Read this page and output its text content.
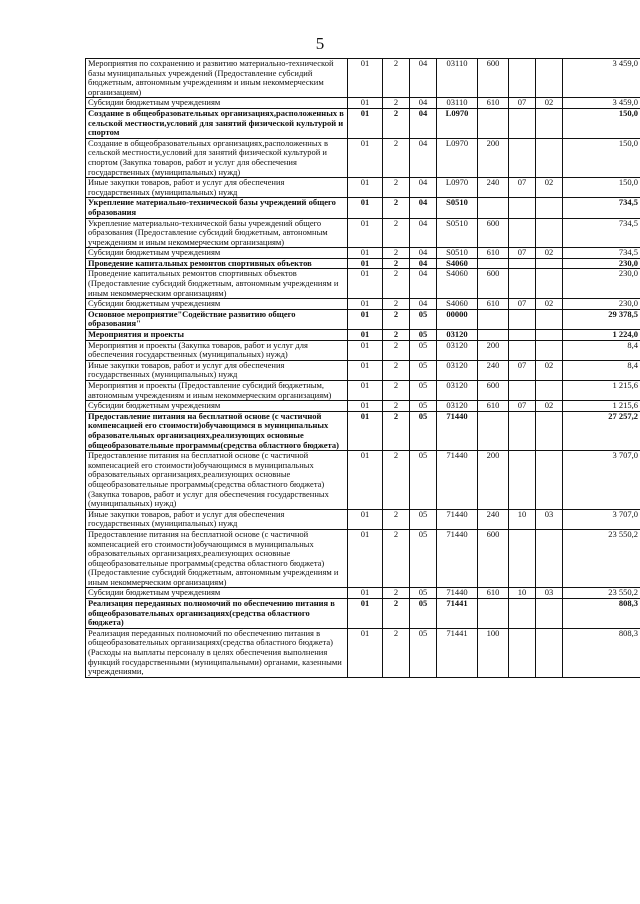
5
Мероприятия по сохранению и развитию материально-технической базы муниципальных учреждений (Предоставление субсидий бюджетным, автономным учреждениям и иным некоммерческим организациям)	01	2	04	03110	600			3 459,0
Субсидии бюджетным учреждениям	01	2	04	03110	610	07	02	3 459,0
Создание в общеобразовательных организациях,расположенных в сельской местности,условий для занятий физической культурой и спортом	01	2	04	L0970				150,0
Создание в общеобразовательных организациях,расположенных в сельской местности,условий для занятий физической культурой и спортом (Закупка товаров, работ и услуг для обеспечения государственных (муниципальных) нужд)	01	2	04	L0970	200			150,0
Иные закупки товаров, работ и услуг для обеспечения государственных (муниципальных) нужд	01	2	04	L0970	240	07	02	150,0
Укрепление материально-технической базы учреждений общего образования	01	2	04	S0510				734,5
Укрепление материально-технической базы учреждений общего образования (Предоставление субсидий бюджетным, автономным учреждениям и иным некоммерческим организациям)	01	2	04	S0510	600			734,5
Субсидии бюджетным учреждениям	01	2	04	S0510	610	07	02	734,5
Проведение капитальных ремонтов спортивных объектов	01	2	04	S4060				230,0
Проведение капитальных ремонтов спортивных объектов (Предоставление субсидий бюджетным, автономным учреждениям и иным некоммерческим организациям)	01	2	04	S4060	600			230,0
Субсидии бюджетным учреждениям	01	2	04	S4060	610	07	02	230,0
Основное мероприятие"Содействие развитию общего образования"	01	2	05	00000				29 378,5
Мероприятия и проекты	01	2	05	03120				1 224,0
Мероприятия и проекты (Закупка товаров, работ и услуг для обеспечения государственных (муниципальных) нужд)	01	2	05	03120	200			8,4
Иные закупки товаров, работ и услуг для обеспечения государственных (муниципальных) нужд	01	2	05	03120	240	07	02	8,4
Мероприятия и проекты (Предоставление субсидий бюджетным, автономным учреждениям и иным некоммерческим организациям)	01	2	05	03120	600			1 215,6
Субсидии бюджетным учреждениям	01	2	05	03120	610	07	02	1 215,6
Предоставление питания на бесплатной основе (с частичной компенсацией его стоимости)обучающимся в муниципальных образовательных организациях,реализующих основные общеобразовательные программы(средства областного бюджета)	01	2	05	71440				27 257,2
Предоставление питания на бесплатной основе (с частичной компенсацией его стоимости)обучающимся в муниципальных образовательных организациях,реализующих основные общеобразовательные программы(средства областного бюджета) (Закупка товаров, работ и услуг для обеспечения государственных (муниципальных) нужд)	01	2	05	71440	200			3 707,0
Иные закупки товаров, работ и услуг для обеспечения государственных (муниципальных) нужд	01	2	05	71440	240	10	03	3 707,0
Предоставление питания на бесплатной основе (с частичной компенсацией его стоимости)обучающимся в муниципальных образовательных организациях,реализующих основные общеобразовательные программы(средства областного бюджета) (Предоставление субсидий бюджетным, автономным учреждениям и иным некоммерческим организациям)	01	2	05	71440	600			23 550,2
Субсидии бюджетным учреждениям	01	2	05	71440	610	10	03	23 550,2
Реализация переданных полномочий по обеспечению питания в общеобразовательных организациях(средства областного бюджета)	01	2	05	71441				808,3
Реализация переданных полномочий по обеспечению питания в общеобразовательных организациях(средства областного бюджета) (Расходы на выплаты персоналу в целях обеспечения выполнения функций государственными (муниципальными) органами, казенными учреждениями,	01	2	05	71441	100			808,3
